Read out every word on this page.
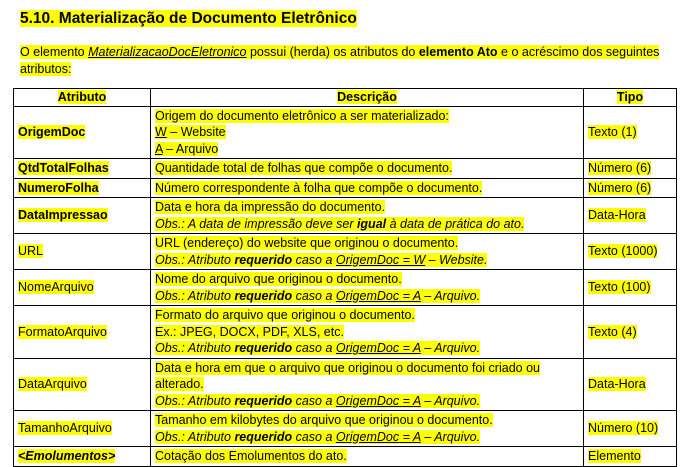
5.10. Materialização de Documento Eletrônico

O elemento MaterializacaoDocEletronico possui (herda) os atributos do elemento Ato e o acréscimo dos seguintes atributos:

Atributo	Descrição	Tipo
OrigemDoc	Origem do documento eletrônico a ser materializado:
W – Website
A – Arquivo	Texto (1)
QtdTotalFolhas	Quantidade total de folhas que compõe o documento.	Número (6)
NumeroFolha	Número correspondente à folha que compõe o documento.	Número (6)
DataImpressao	Data e hora da impressão do documento.
Obs.: A data de impressão deve ser igual à data de prática do ato.	Data-Hora
URL	URL (endereço) do website que originou o documento.
Obs.: Atributo requerido caso a OrigemDoc = W – Website.	Texto (1000)
NomeArquivo	Nome do arquivo que originou o documento.
Obs.: Atributo requerido caso a OrigemDoc = A – Arquivo.	Texto (100)
FormatoArquivo	Formato do arquivo que originou o documento.
Ex.: JPEG, DOCX, PDF, XLS, etc.
Obs.: Atributo requerido caso a OrigemDoc = A – Arquivo.	Texto (4)
DataArquivo	Data e hora em que o arquivo que originou o documento foi criado ou
alterado.
Obs.: Atributo requerido caso a OrigemDoc = A – Arquivo.	Data-Hora
TamanhoArquivo	Tamanho em kilobytes do arquivo que originou o documento.
Obs.: Atributo requerido caso a OrigemDoc = A – Arquivo.	Número (10)
<Emolumentos>	Cotação dos Emolumentos do ato.	Elemento
